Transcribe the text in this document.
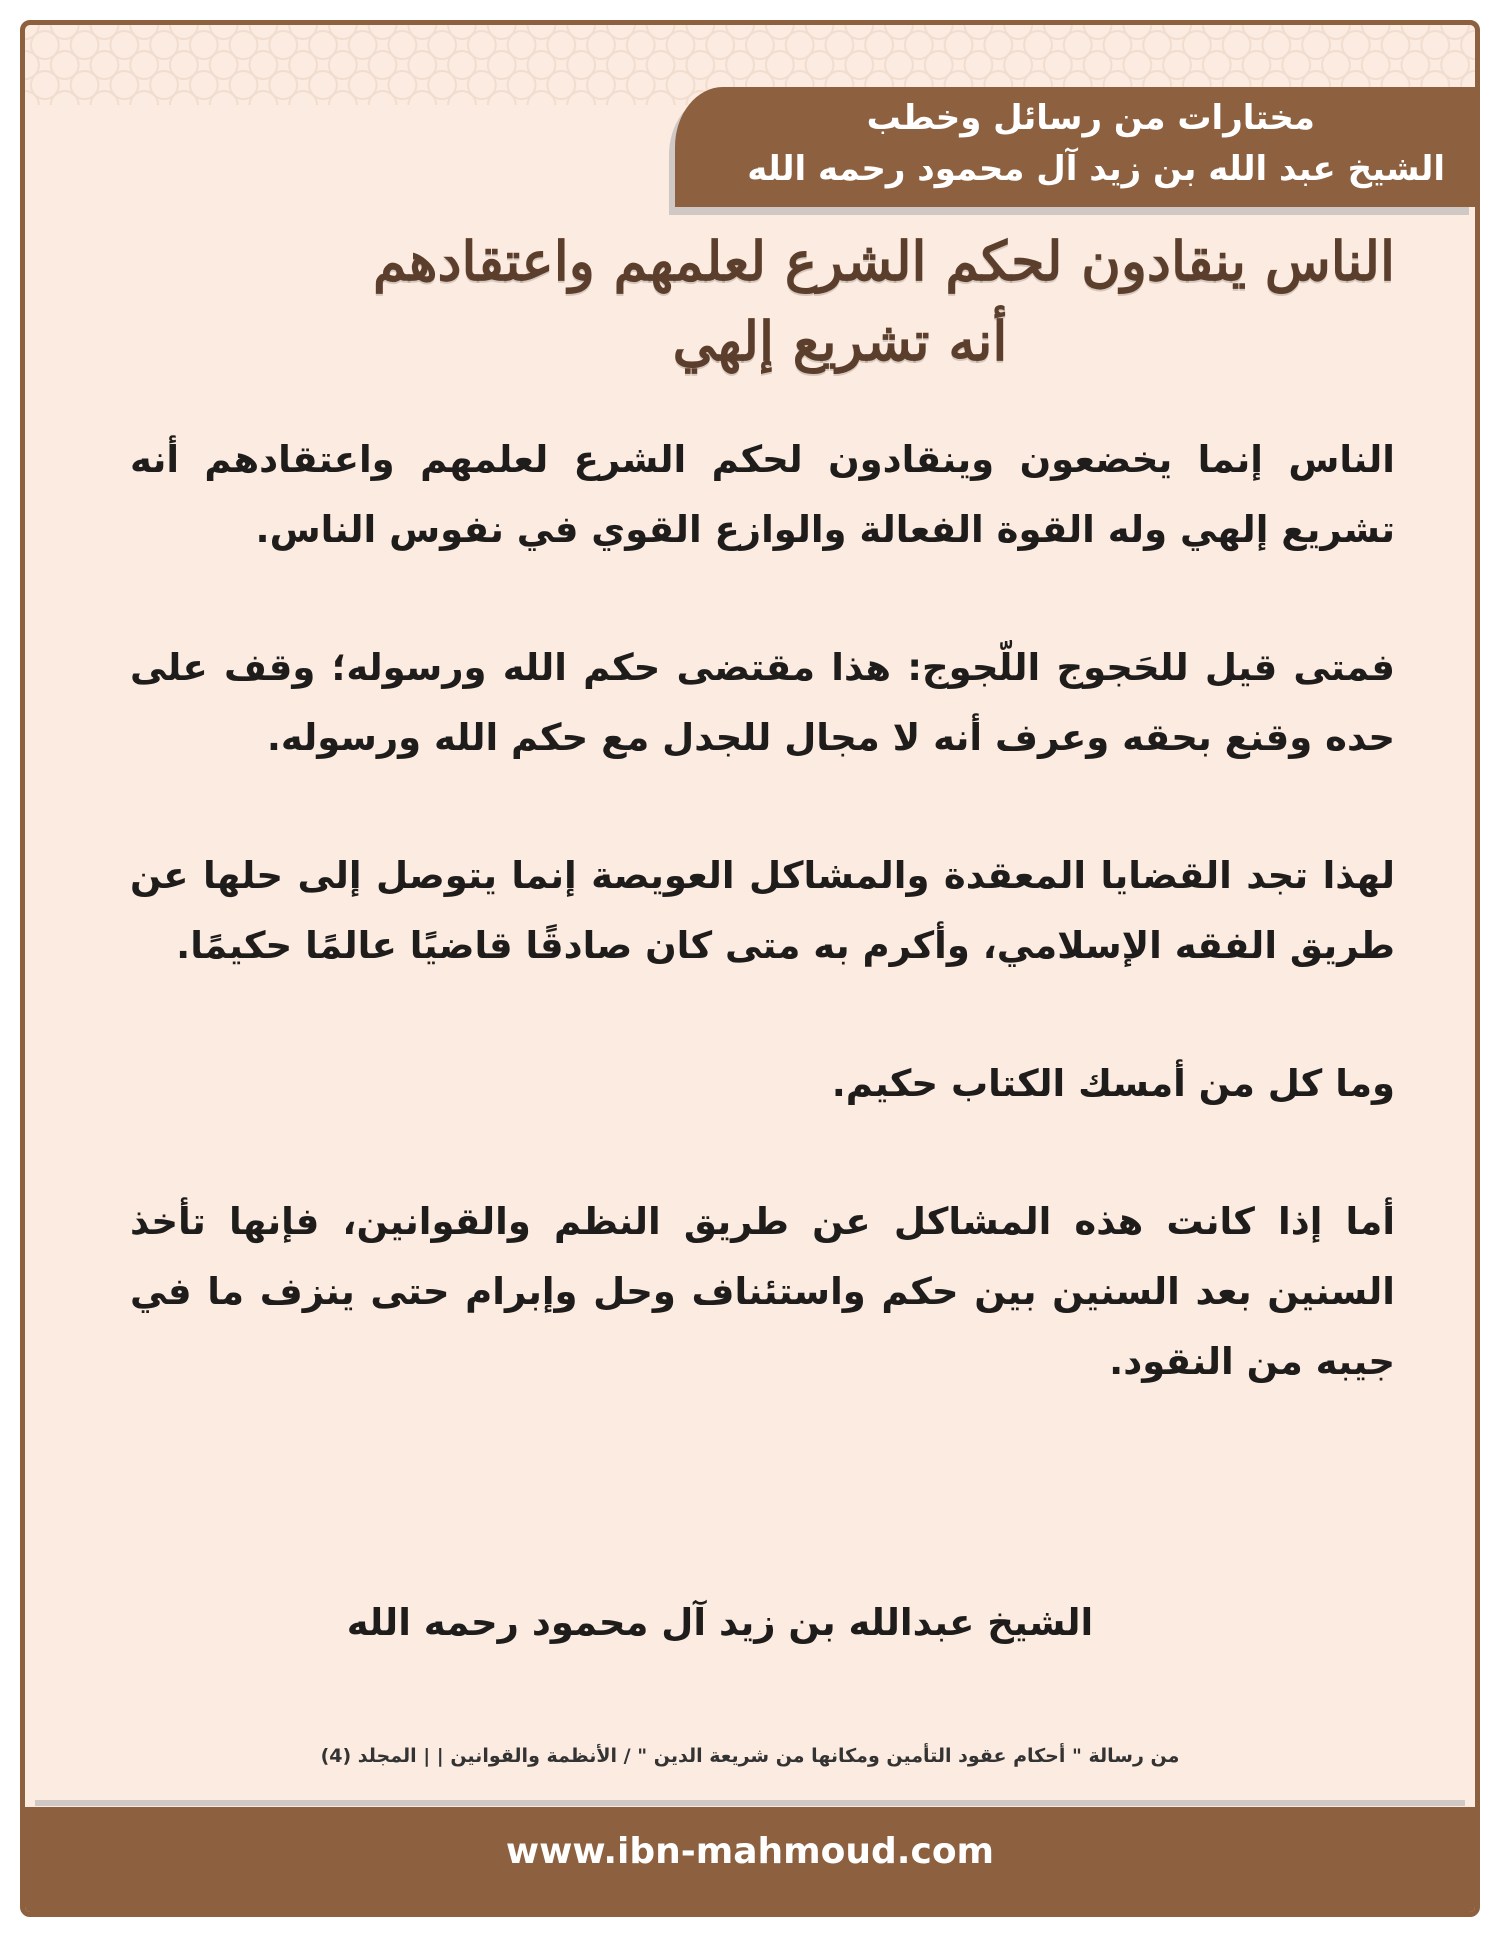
مختارات من رسائل وخطب
الشيخ عبد الله بن زيد آل محمود رحمه الله
الناس ينقادون لحكم الشرع لعلمهم واعتقادهم
أنه تشريع إلهي

الناس إنما يخضعون وينقادون لحكم الشرع لعلمهم واعتقادهم أنه تشريع إلهي وله القوة الفعالة والوازع القوي في نفوس الناس.

فمتى قيل للحَجوج اللّجوج: هذا مقتضى حكم الله ورسوله؛ وقف على حده وقنع بحقه وعرف أنه لا مجال للجدل مع حكم الله ورسوله.

لهذا تجد القضايا المعقدة والمشاكل العويصة إنما يتوصل إلى حلها عن طريق الفقه الإسلامي، وأكرم به متى كان صادقًا قاضيًا عالمًا حكيمًا.

وما كل من أمسك الكتاب حكيم.

أما إذا كانت هذه المشاكل عن طريق النظم والقوانين، فإنها تأخذ السنين بعد السنين بين حكم واستئناف وحل وإبرام حتى ينزف ما في جيبه من النقود.

الشيخ عبدالله بن زيد آل محمود رحمه الله
من رسالة " أحكام عقود التأمين ومكانها من شريعة الدين " / الأنظمة والقوانين | | المجلد (4)
www.ibn-mahmoud.com
